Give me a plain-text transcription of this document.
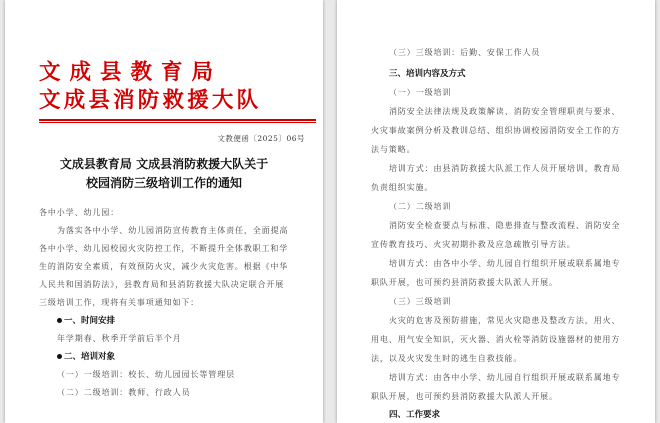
文成县教育局
文成县消防救援大队
文教便函〔2025〕06号
文成县教育局 文成县消防救援大队关于
校园消防三级培训工作的通知
各中小学、幼儿园：
为落实各中小学、幼儿园消防宣传教育主体责任，全面提高
各中小学、幼儿园校园火灾防控工作，不断提升全体教职工和学
生的消防安全素质，有效预防火灾，减少火灾危害。根据《中华
人民共和国消防法》，县教育局和县消防救援大队决定联合开展
三级培训工作，现将有关事项通知如下：
一、时间安排
年学期春、秋季开学前后半个月
二、培训对象
（一）一级培训：校长、幼儿园园长等管理层
（二）二级培训：教师、行政人员
（三）三级培训：后勤、安保工作人员
三、培训内容及方式
（一）一级培训
消防安全法律法规及政策解读、消防安全管理职责与要求、
火灾事故案例分析及教训总结、组织协调校园消防安全工作的方
法与策略。
培训方式：由县消防救援大队派工作人员开展培训，教育局
负责组织实施。
（二）二级培训
消防安全检查要点与标准、隐患排查与整改流程、消防安全
宣传教育技巧、火灾初期扑救及应急疏散引导方法。
培训方式：由各中小学、幼儿园自行组织开展或联系属地专
职队开展，也可预约县消防救援大队派人开展。
（三）三级培训
火灾的危害及预防措施，常见火灾隐患及整改方法，用火、
用电、用气安全知识，灭火器、消火栓等消防设施器材的使用方
法，以及火灾发生时的逃生自救技能。
培训方式：由各中小学、幼儿园自行组织开展或联系属地专
职队开展，也可预约县消防救援大队派人开展。
四、工作要求
